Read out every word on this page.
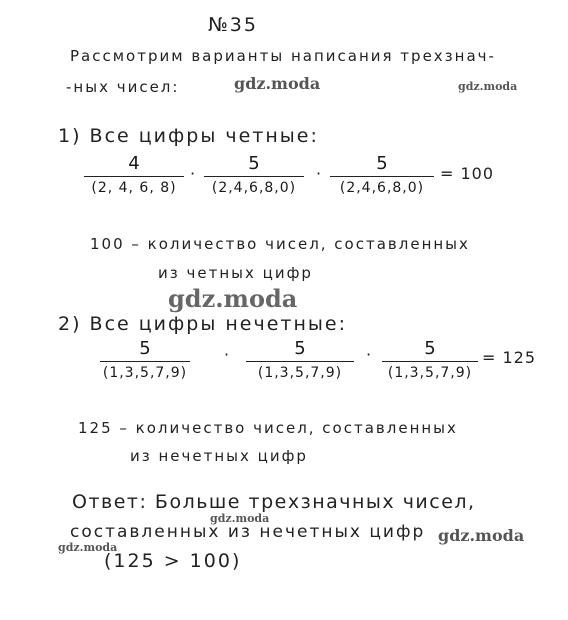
№35
Рассмотрим варианты написания трехзнач-
-ных чисел:
1) Все цифры четные:
4
(2, 4, 6, 8)
·	5
(2,4,6,8,0)
·	5
(2,4,6,8,0)
= 100
100 – количество чисел, составленных
из четных цифр
2) Все цифры нечетные:
5
(1,3,5,7,9)
·	5
(1,3,5,7,9)
·	5
(1,3,5,7,9)
= 125
125 – количество чисел, составленных
из нечетных цифр
Ответ: Больше трехзначных чисел,
составленных из нечетных цифр
(125 > 100)
gdz.moda	gdz.moda
gdz.moda
gdz.moda
gdz.moda
gdz.moda
